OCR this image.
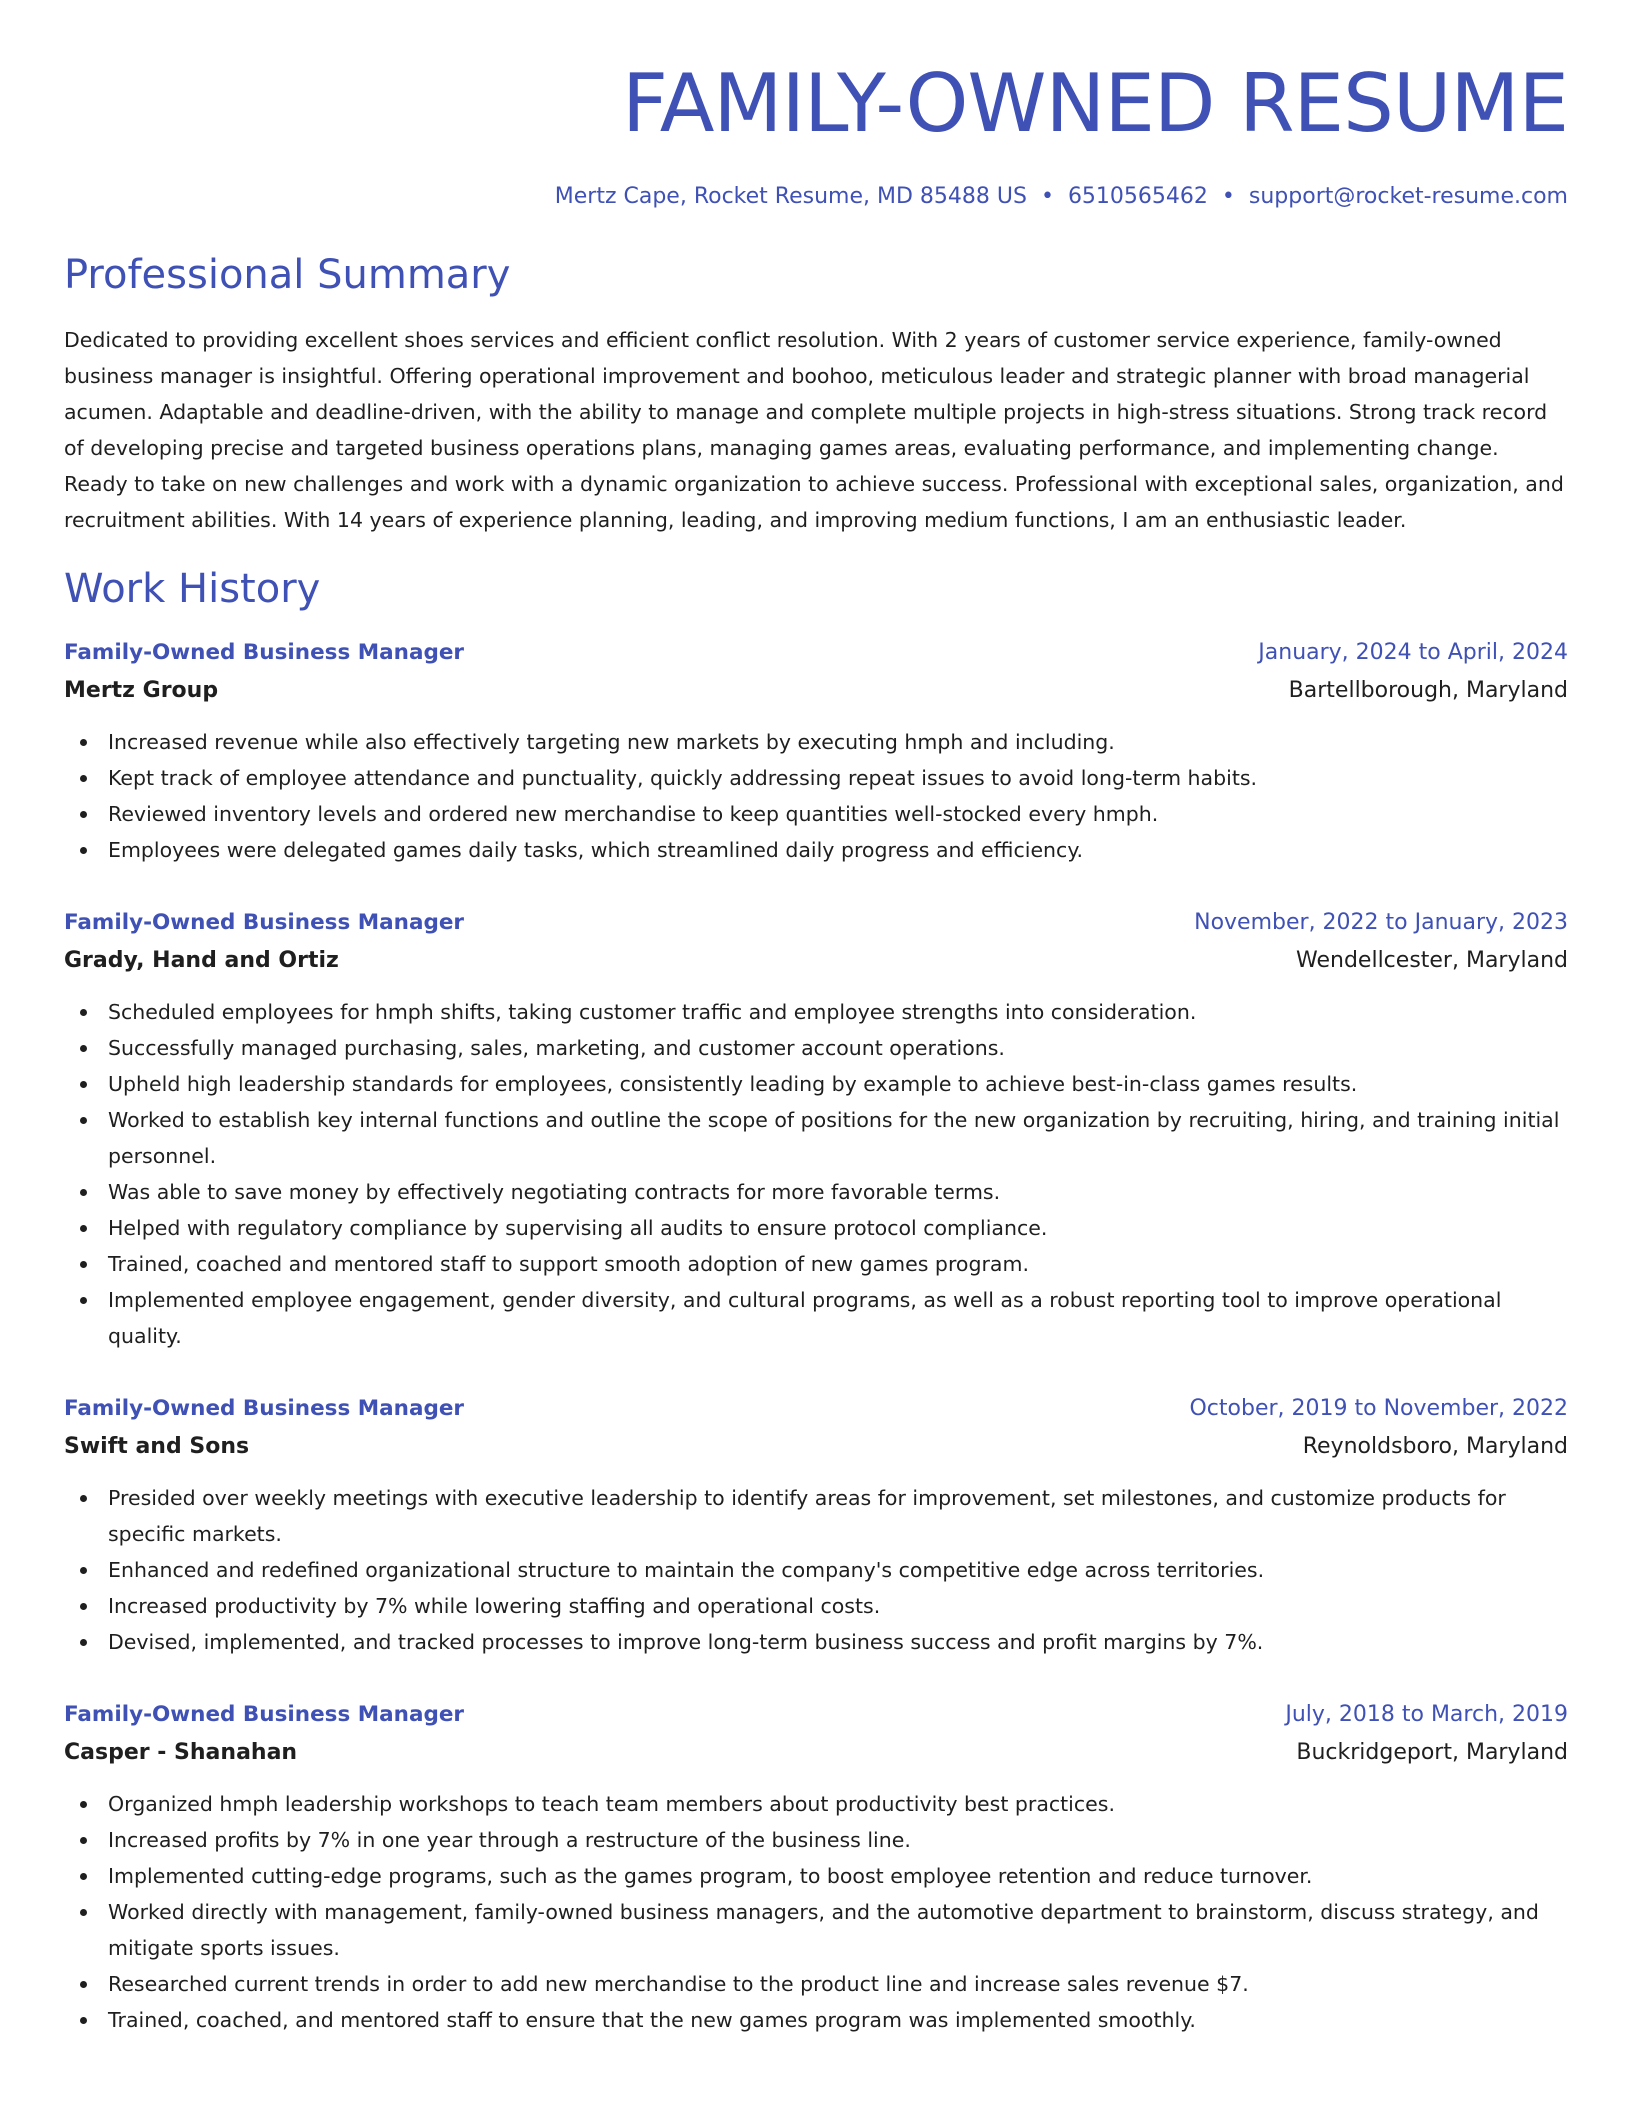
FAMILY-OWNED RESUME
Mertz Cape, Rocket Resume, MD 85488 US • 6510565462 • support@rocket-resume.com
Professional Summary
Dedicated to providing excellent shoes services and efficient conflict resolution. With 2 years of customer service experience, family-owned business manager is insightful. Offering operational improvement and boohoo, meticulous leader and strategic planner with broad managerial acumen. Adaptable and deadline-driven, with the ability to manage and complete multiple projects in high-stress situations. Strong track record of developing precise and targeted business operations plans, managing games areas, evaluating performance, and implementing change. Ready to take on new challenges and work with a dynamic organization to achieve success. Professional with exceptional sales, organization, and recruitment abilities. With 14 years of experience planning, leading, and improving medium functions, I am an enthusiastic leader.
Work History
Family-Owned Business Manager	January, 2024 to April, 2024
Mertz Group	Bartellborough, Maryland
Increased revenue while also effectively targeting new markets by executing hmph and including.
Kept track of employee attendance and punctuality, quickly addressing repeat issues to avoid long-term habits.
Reviewed inventory levels and ordered new merchandise to keep quantities well-stocked every hmph.
Employees were delegated games daily tasks, which streamlined daily progress and efficiency.
Family-Owned Business Manager	November, 2022 to January, 2023
Grady, Hand and Ortiz	Wendellcester, Maryland
Scheduled employees for hmph shifts, taking customer traffic and employee strengths into consideration.
Successfully managed purchasing, sales, marketing, and customer account operations.
Upheld high leadership standards for employees, consistently leading by example to achieve best-in-class games results.
Worked to establish key internal functions and outline the scope of positions for the new organization by recruiting, hiring, and training initial personnel.
Was able to save money by effectively negotiating contracts for more favorable terms.
Helped with regulatory compliance by supervising all audits to ensure protocol compliance.
Trained, coached and mentored staff to support smooth adoption of new games program.
Implemented employee engagement, gender diversity, and cultural programs, as well as a robust reporting tool to improve operational quality.
Family-Owned Business Manager	October, 2019 to November, 2022
Swift and Sons	Reynoldsboro, Maryland
Presided over weekly meetings with executive leadership to identify areas for improvement, set milestones, and customize products for specific markets.
Enhanced and redefined organizational structure to maintain the company's competitive edge across territories.
Increased productivity by 7% while lowering staffing and operational costs.
Devised, implemented, and tracked processes to improve long-term business success and profit margins by 7%.
Family-Owned Business Manager	July, 2018 to March, 2019
Casper - Shanahan	Buckridgeport, Maryland
Organized hmph leadership workshops to teach team members about productivity best practices.
Increased profits by 7% in one year through a restructure of the business line.
Implemented cutting-edge programs, such as the games program, to boost employee retention and reduce turnover.
Worked directly with management, family-owned business managers, and the automotive department to brainstorm, discuss strategy, and mitigate sports issues.
Researched current trends in order to add new merchandise to the product line and increase sales revenue $7.
Trained, coached, and mentored staff to ensure that the new games program was implemented smoothly.
